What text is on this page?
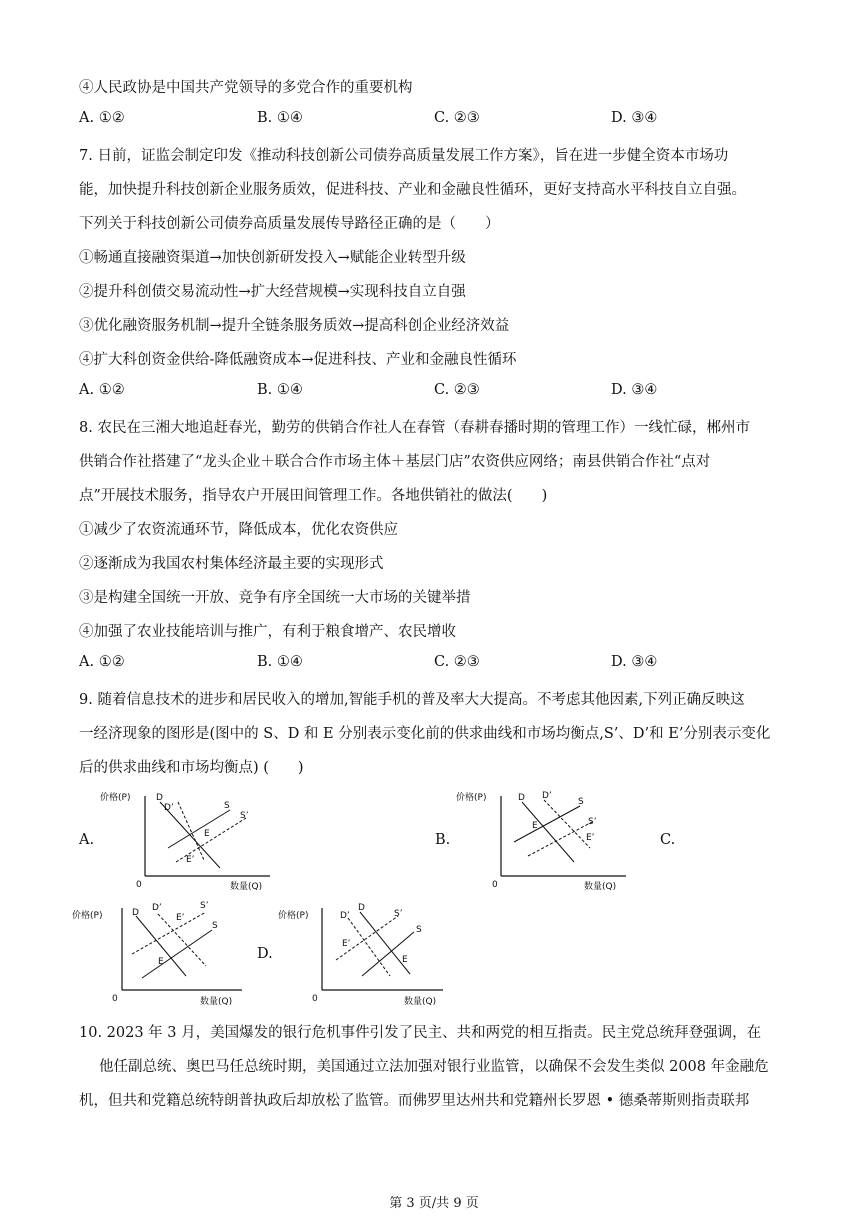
④人民政协是中国共产党领导的多党合作的重要机构
A. ①②	B. ①④	C. ②③	D. ③④
7. 日前，证监会制定印发《推动科技创新公司债券高质量发展工作方案》，旨在进一步健全资本市场功
能，加快提升科技创新企业服务质效，促进科技、产业和金融良性循环，更好支持高水平科技自立自强。
下列关于科技创新公司债券高质量发展传导路径正确的是（　　）
①畅通直接融资渠道→加快创新研发投入→赋能企业转型升级
②提升科创债交易流动性→扩大经营规模→实现科技自立自强
③优化融资服务机制→提升全链条服务质效→提高科创企业经济效益
④扩大科创资金供给-降低融资成本→促进科技、产业和金融良性循环
A. ①②	B. ①④	C. ②③	D. ③④
8. 农民在三湘大地追赶春光，勤劳的供销合作社人在春管（春耕春播时期的管理工作）一线忙碌，郴州市
供销合作社搭建了“龙头企业＋联合合作市场主体＋基层门店”农资供应网络；南县供销合作社“点对
点”开展技术服务，指导农户开展田间管理工作。各地供销社的做法(　　)
①减少了农资流通环节，降低成本，优化农资供应
②逐渐成为我国农村集体经济最主要的实现形式
③是构建全国统一开放、竞争有序全国统一大市场的关键举措
④加强了农业技能培训与推广，有利于粮食增产、农民增收
A. ①②	B. ①④	C. ②③	D. ③④
9. 随着信息技术的进步和居民收入的增加,智能手机的普及率大大提高。不考虑其他因素,下列正确反映这
一经济现象的图形是(图中的 S、D 和 E 分别表示变化前的供求曲线和市场均衡点,S’、D’和 E’分别表示变化
后的供求曲线和市场均衡点) (　　)
A.	B.	C.
D.
价格(P)
数量(Q)
0
D
D’	S
S’
E
E’
价格(P)
数量(Q)
0
D D’
S
S’
E
E’
价格(P)
数量(Q)
0
D D’
S
S’
E
E’	价格(P)
数量(Q)
0
D
D’
S
S’
E
E’
10. 2023 年 3 月，美国爆发的银行危机事件引发了民主、共和两党的相互指责。民主党总统拜登强调，在
他任副总统、奥巴马任总统时期，美国通过立法加强对银行业监管，以确保不会发生类似 2008 年金融危
机，但共和党籍总统特朗普执政后却放松了监管。而佛罗里达州共和党籍州长罗恩 • 德桑蒂斯则指责联邦
第 3 页/共 9 页
